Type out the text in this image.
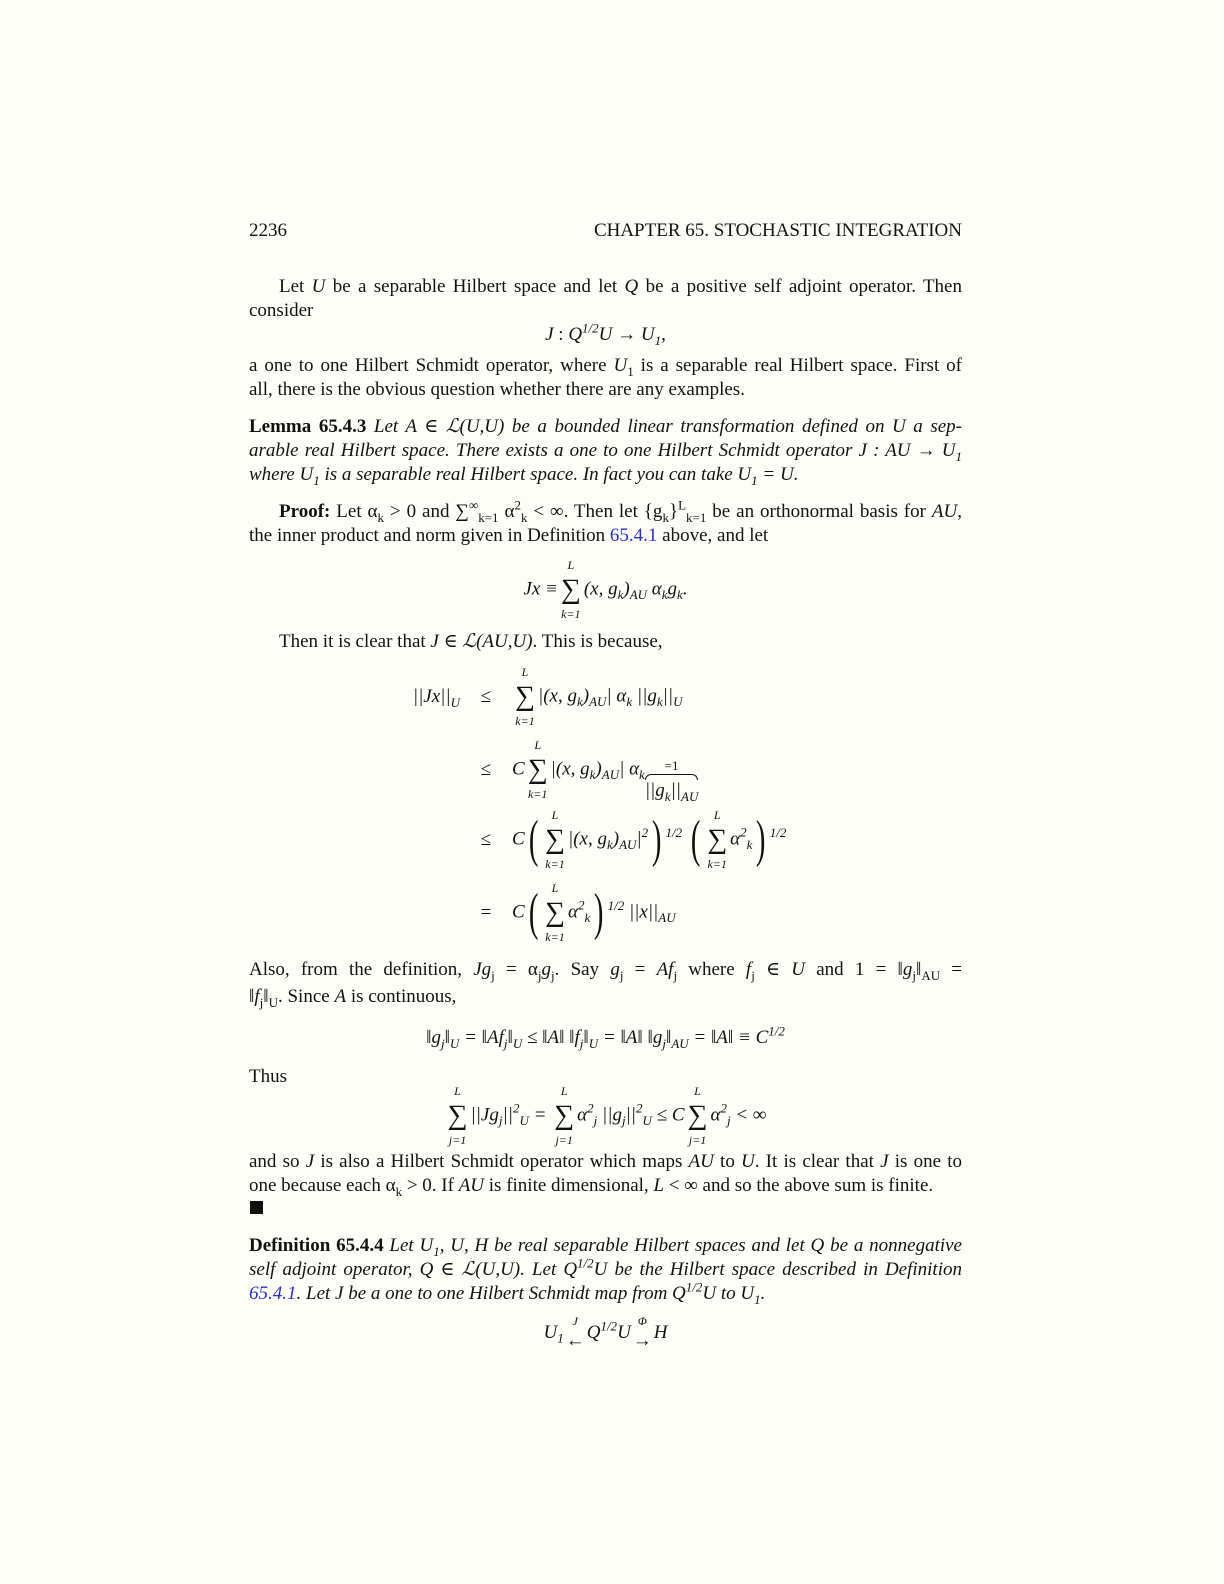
2236	CHAPTER 65. STOCHASTIC INTEGRATION
Let U be a separable Hilbert space and let Q be a positive self adjoint operator. Then
consider
J : $Q^{1/2}U \to U_1$,
a one to one Hilbert Schmidt operator, where $U_1$ is a separable real Hilbert space. First of
all, there is the obvious question whether there are any examples.
Lemma 65.4.3 Let A ∈ ℒ(U,U) be a bounded linear transformation defined on U a sep-
arable real Hilbert space. There exists a one to one Hilbert Schmidt operator J : AU → $U_1$
where $U_1$ is a separable real Hilbert space. In fact you can take $U_1 = U$.
Proof: Let $\alpha_k > 0$ and $\sum^\infty_{k=1}$ $\alpha^2_k$ < ∞. Then let $\{g_k\}^L_{k=1}$ be an orthonormal basis for AU,
the inner product and norm given in Definition 65.4.1 above, and let
Jx ≡
L
∑
k=1
(x, $g_k)_{AU}$ $\alpha_kg_k$.
Then it is clear that J ∈ ℒ(AU,U). This is because,
$||Jx||_U$	≤
L
∑
k=1
|(x, $g_k)_{AU}|$ $\alpha_k$ $||g_k||_U$
≤	C
L
∑
k=1
|(x, $g_k)_{AU}|$ $\alpha_k$
=1
$||g_k||_{AU}$
≤	C( L
∑
k=1
|(x, $g_k)_{AU}|^2$) $^{1/2}$ ( L
∑
k=1
$\alpha^2_k$) $^{1/2}$
=	C( L
∑
k=1
$\alpha^2_k$) $^{1/2}$ $||x||_{AU}$
Also, from the definition, $Jg_j = \alpha_jg_j$. Say $g_j = Af_j$ where $f_j$ ∈ U and $1 = ‖g_j‖_{AU}$ =
$‖f_j‖_U$. Since A is continuous,
$‖g_j‖_U$ = $‖Af_j‖_U$ ≤ ‖A‖ $‖f_j‖_U$ = ‖A‖ $‖g_j‖_{AU}$ = ‖A‖ ≡ $C^{1/2}$
Thus
L
∑
j=1
$||Jg_j||^2_U$ =
L
∑
j=1
$\alpha^2_j$ $||g_j||^2_U \le C$
L
∑
j=1
$\alpha^2_j$ < ∞
and so J is also a Hilbert Schmidt operator which maps AU to U. It is clear that J is one to
one because each $\alpha_k > 0$. If AU is finite dimensional, L < ∞ and so the above sum is finite.
Definition 65.4.4 Let $U_1$, U, H be real separable Hilbert spaces and let Q be a nonnegative
self adjoint operator, Q ∈ ℒ(U,U). Let $Q^{1/2}U$ be the Hilbert space described in Definition
65.4.1. Let J be a one to one Hilbert Schmidt map from $Q^{1/2}U$ to $U_1$.
$U_1$
J
← $Q^{1/2}U$
Φ
→ H
